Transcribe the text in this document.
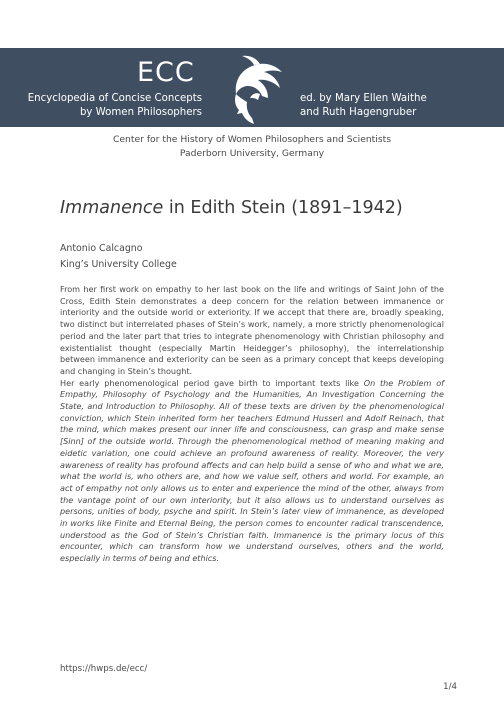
ECC
Encyclopedia of Concise Concepts
by Women Philosophers
ed. by Mary Ellen Waithe
and Ruth Hagengruber
Center for the History of Women Philosophers and Scientists
Paderborn University, Germany
Immanence in Edith Stein (1891–1942)
Antonio Calcagno
King’s University College

From her first work on empathy to her last book on the life and writings of Saint John of the Cross, Edith Stein demonstrates a deep concern for the relation between immanence or interiority and the outside world or exteriority. If we accept that there are, broadly speaking, two distinct but interrelated phases of Stein’s work, namely, a more strictly phenomenological period and the later part that tries to integrate phenomenology with Christian philosophy and existentialist thought (especially Martin Heidegger’s philosophy), the interrelationship between immanence and exteriority can be seen as a primary concept that keeps developing and changing in Stein’s thought.

Her early phenomenological period gave birth to important texts like On the Problem of Empathy, Philosophy of Psychology and the Humanities, An Investigation Concerning the State, and Introduction to Philosophy. All of these texts are driven by the phenomenological conviction, which Stein inherited form her teachers Edmund Husserl and Adolf Reinach, that the mind, which makes present our inner life and consciousness, can grasp and make sense [Sinn] of the outside world. Through the phenomenological method of meaning making and eidetic variation, one could achieve an profound awareness of reality. Moreover, the very awareness of reality has profound affects and can help build a sense of who and what we are, what the world is, who others are, and how we value self, others and world. For example, an act of empathy not only allows us to enter and experience the mind of the other, always from the vantage point of our own interiority, but it also allows us to understand ourselves as persons, unities of body, psyche and spirit. In Stein’s later view of immanence, as developed in works like Finite and Eternal Being, the person comes to encounter radical transcendence, understood as the God of Stein’s Christian faith. Immanence is the primary locus of this encounter, which can transform how we understand ourselves, others and the world, especially in terms of being and ethics.

https://hwps.de/ecc/
1/4
